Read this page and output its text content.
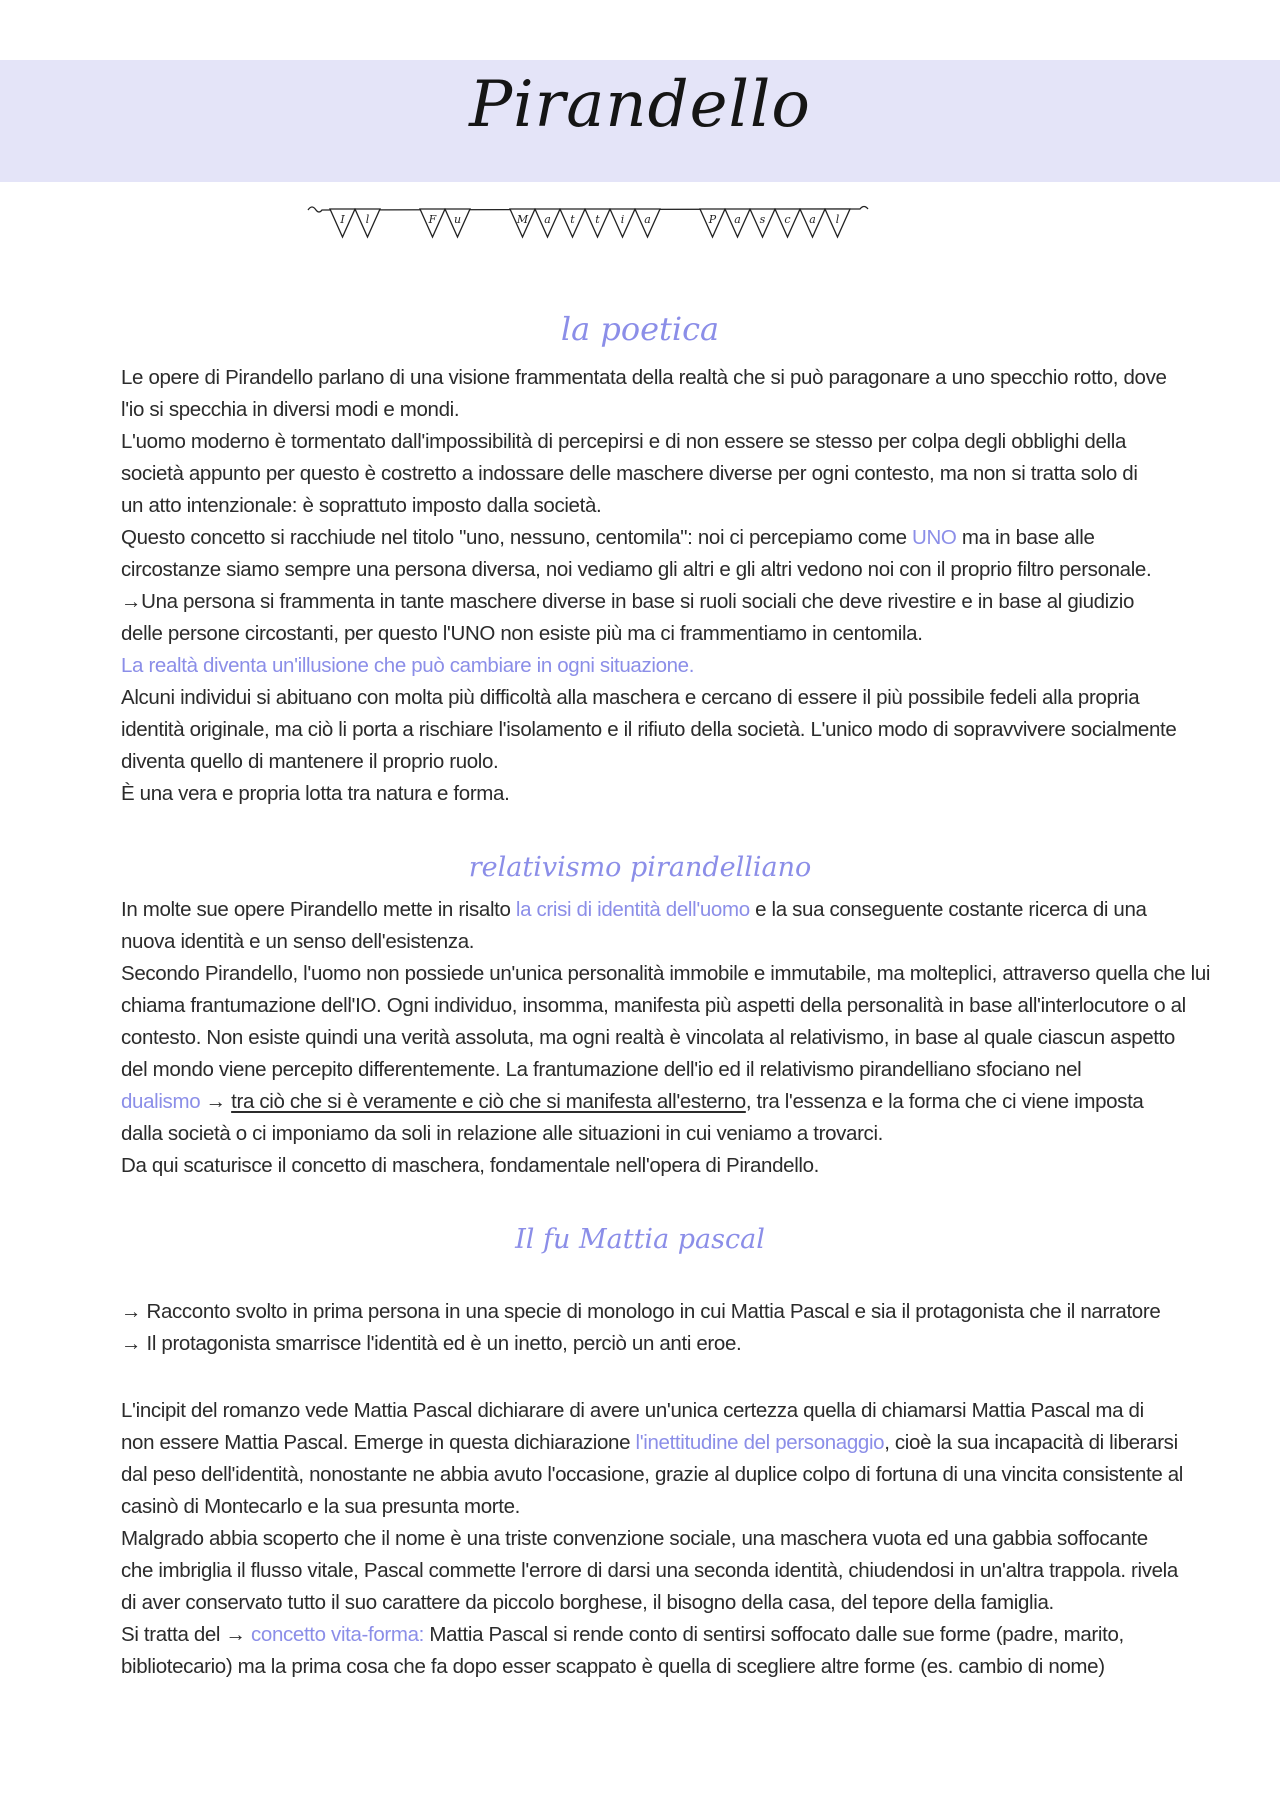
Pirandello
I l	F u	M a t t i a	P a s c a l
la poetica
Le opere di Pirandello parlano di una visione frammentata della realtà che si può paragonare a uno specchio rotto, dove
l'io si specchia in diversi modi e mondi.
L'uomo moderno è tormentato dall'impossibilità di percepirsi e di non essere se stesso per colpa degli obblighi della
società appunto per questo è costretto a indossare delle maschere diverse per ogni contesto, ma non si tratta solo di
un atto intenzionale: è soprattuto imposto dalla società.
Questo concetto si racchiude nel titolo "uno, nessuno, centomila": noi ci percepiamo come UNO ma in base alle
circostanze siamo sempre una persona diversa, noi vediamo gli altri e gli altri vedono noi con il proprio filtro personale.
→Una persona si frammenta in tante maschere diverse in base si ruoli sociali che deve rivestire e in base al giudizio
delle persone circostanti, per questo l'UNO non esiste più ma ci frammentiamo in centomila.
La realtà diventa un'illusione che può cambiare in ogni situazione.
Alcuni individui si abituano con molta più difficoltà alla maschera e cercano di essere il più possibile fedeli alla propria
identità originale, ma ciò li porta a rischiare l'isolamento e il rifiuto della società. L'unico modo di sopravvivere socialmente
diventa quello di mantenere il proprio ruolo.
È una vera e propria lotta tra natura e forma.
relativismo pirandelliano
In molte sue opere Pirandello mette in risalto la crisi di identità dell'uomo e la sua conseguente costante ricerca di una
nuova identità e un senso dell'esistenza.
Secondo Pirandello, l'uomo non possiede un'unica personalità immobile e immutabile, ma molteplici, attraverso quella che lui
chiama frantumazione dell'IO. Ogni individuo, insomma, manifesta più aspetti della personalità in base all'interlocutore o al
contesto. Non esiste quindi una verità assoluta, ma ogni realtà è vincolata al relativismo, in base al quale ciascun aspetto
del mondo viene percepito differentemente. La frantumazione dell'io ed il relativismo pirandelliano sfociano nel
dualismo → tra ciò che si è veramente e ciò che si manifesta all'esterno, tra l'essenza e la forma che ci viene imposta
dalla società o ci imponiamo da soli in relazione alle situazioni in cui veniamo a trovarci.
Da qui scaturisce il concetto di maschera, fondamentale nell'opera di Pirandello.
Il fu Mattia pascal
→ Racconto svolto in prima persona in una specie di monologo in cui Mattia Pascal e sia il protagonista che il narratore
→ Il protagonista smarrisce l'identità ed è un inetto, perciò un anti eroe.
L'incipit del romanzo vede Mattia Pascal dichiarare di avere un'unica certezza quella di chiamarsi Mattia Pascal ma di
non essere Mattia Pascal. Emerge in questa dichiarazione l'inettitudine del personaggio, cioè la sua incapacità di liberarsi
dal peso dell'identità, nonostante ne abbia avuto l'occasione, grazie al duplice colpo di fortuna di una vincita consistente al
casinò di Montecarlo e la sua presunta morte.
Malgrado abbia scoperto che il nome è una triste convenzione sociale, una maschera vuota ed una gabbia soffocante
che imbriglia il flusso vitale, Pascal commette l'errore di darsi una seconda identità, chiudendosi in un'altra trappola. rivela
di aver conservato tutto il suo carattere da piccolo borghese, il bisogno della casa, del tepore della famiglia.
Si tratta del → concetto vita-forma: Mattia Pascal si rende conto di sentirsi soffocato dalle sue forme (padre, marito,
bibliotecario) ma la prima cosa che fa dopo esser scappato è quella di scegliere altre forme (es. cambio di nome)
